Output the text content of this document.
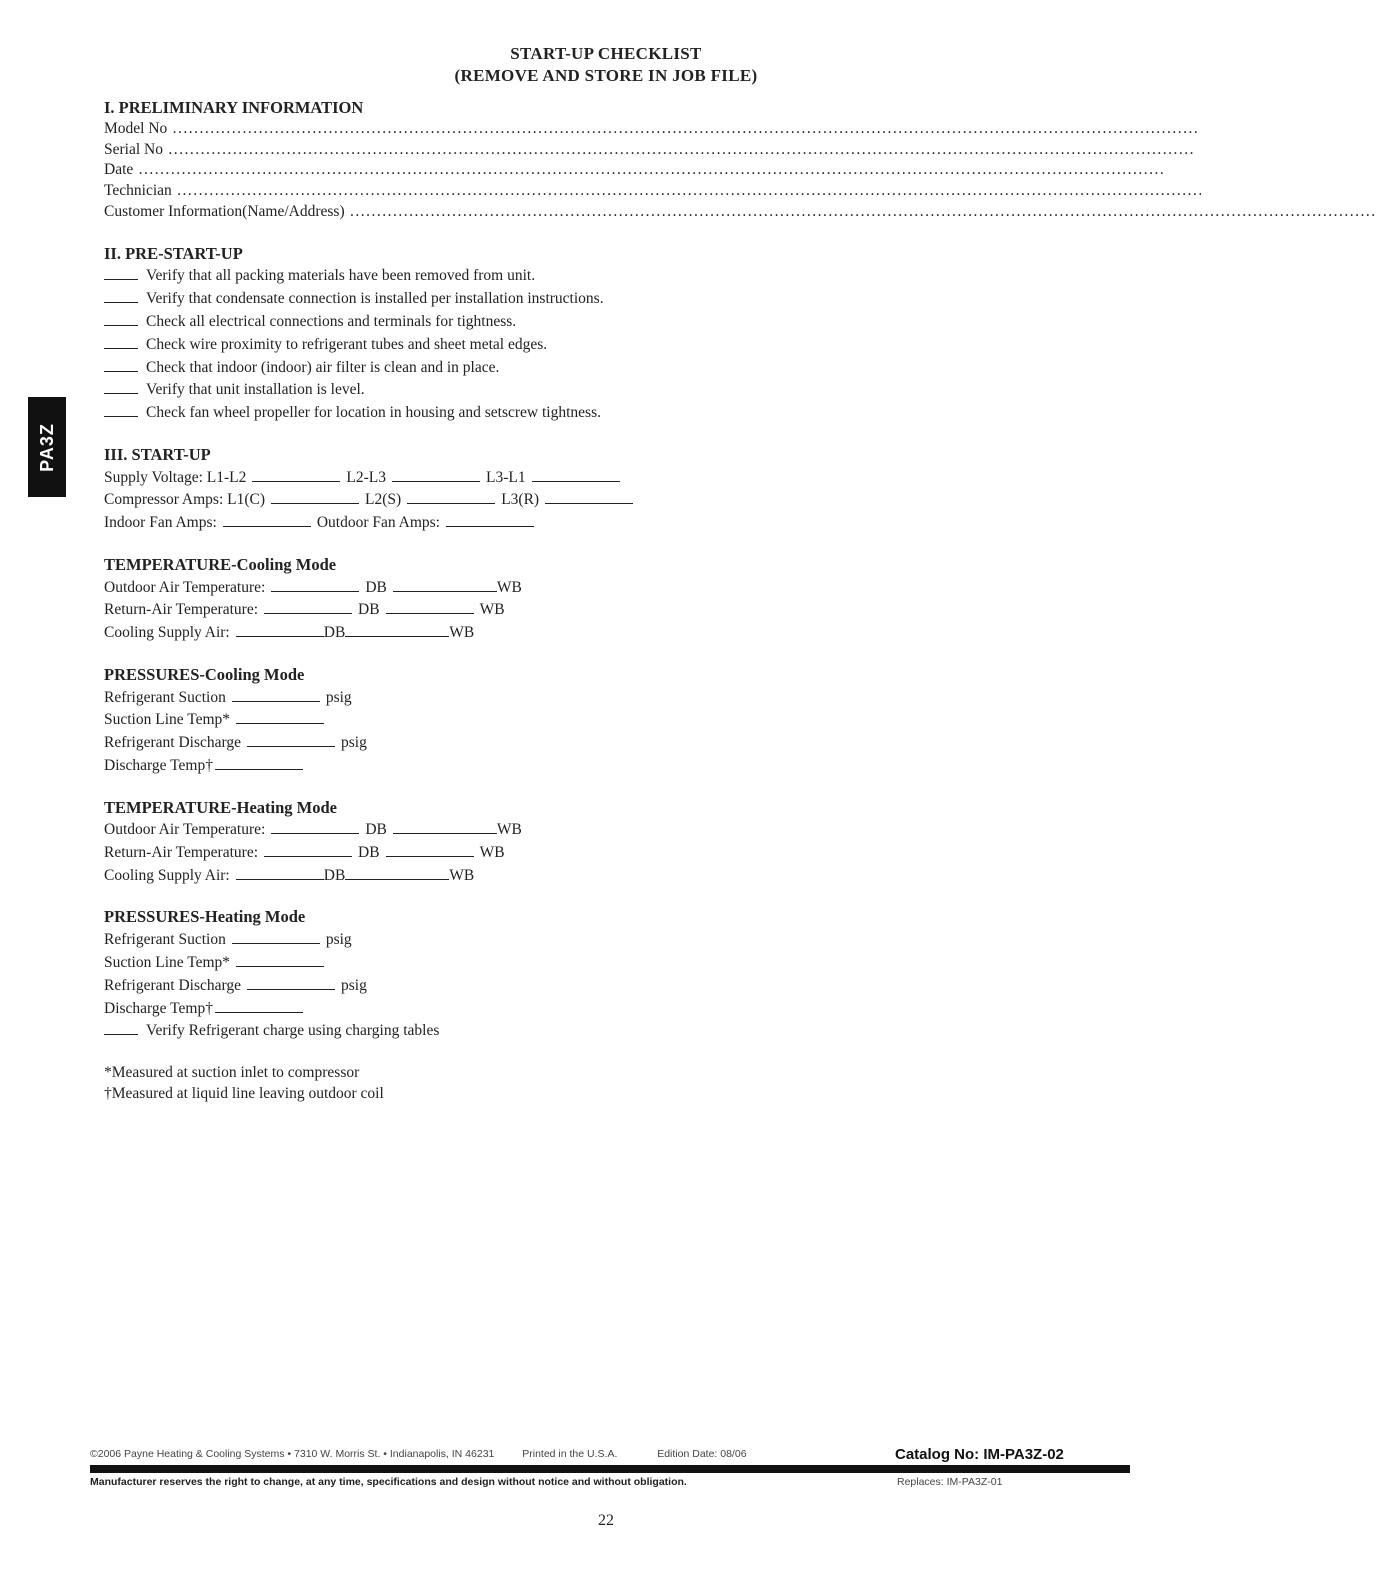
START-UP CHECKLIST
(REMOVE AND STORE IN JOB FILE)
PA3Z
I. PRELIMINARY INFORMATION
Model No ...............................................................................................................................................................................................
Serial No ...............................................................................................................................................................................................
Date ...............................................................................................................................................................................................
Technician ...............................................................................................................................................................................................
Customer Information(Name/Address) ...............................................................................................................................................................................................
II. PRE-START-UP
Verify that all packing materials have been removed from unit.
Verify that condensate connection is installed per installation instructions.
Check all electrical connections and terminals for tightness.
Check wire proximity to refrigerant tubes and sheet metal edges.
Check that indoor (indoor) air filter is clean and in place.
Verify that unit installation is level.
Check fan wheel propeller for location in housing and setscrew tightness.
III. START-UP
Supply Voltage: L1-L2	L2-L3	L3-L1
Compressor Amps: L1(C)	L2(S)	L3(R)
Indoor Fan Amps:	Outdoor Fan Amps:
TEMPERATURE-Cooling Mode
Outdoor Air Temperature:	DB	WB
Return-Air Temperature:	DB	WB
Cooling Supply Air:	DB	WB
PRESSURES-Cooling Mode
Refrigerant Suction	psig
Suction Line Temp*
Refrigerant Discharge	psig
Discharge Temp†
TEMPERATURE-Heating Mode
Outdoor Air Temperature:	DB	WB
Return-Air Temperature:	DB	WB
Cooling Supply Air:	DB	WB
PRESSURES-Heating Mode
Refrigerant Suction	psig
Suction Line Temp*
Refrigerant Discharge	psig
Discharge Temp†
Verify Refrigerant charge using charging tables
*Measured at suction inlet to compressor
†Measured at liquid line leaving outdoor coil
©2006 Payne Heating & Cooling Systems • 7310 W. Morris St. • Indianapolis, IN 46231	Printed in the U.S.A.	Edition Date: 08/06	Catalog No: IM-PA3Z-02
Manufacturer reserves the right to change, at any time, specifications and design without notice and without obligation.	Replaces: IM-PA3Z-01
22
